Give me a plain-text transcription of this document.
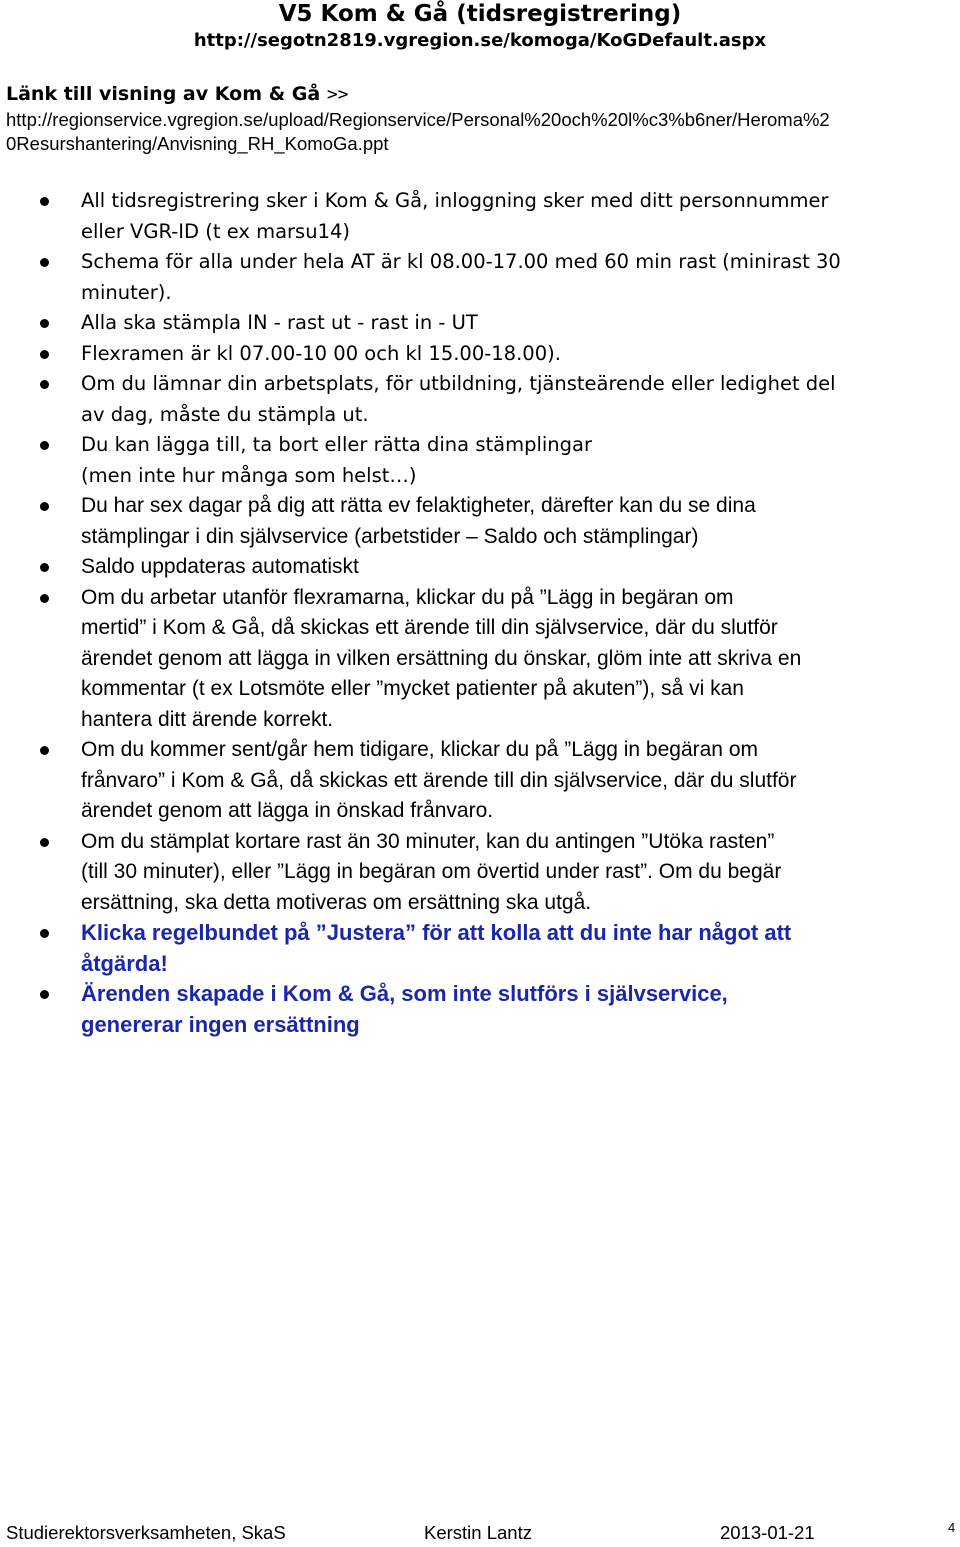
V5 Kom & Gå (tidsregistrering)
http://segotn2819.vgregion.se/komoga/KoGDefault.aspx
Länk till visning av Kom & Gå >>
http://regionservice.vgregion.se/upload/Regionservice/Personal%20och%20l%c3%b6ner/Heroma%2
0Resurshantering/Anvisning_RH_KomoGa.ppt
All tidsregistrering sker i Kom & Gå, inloggning sker med ditt personnummer
eller VGR-ID (t ex marsu14)
Schema för alla under hela AT är kl 08.00-17.00 med 60 min rast (minirast 30
minuter).
Alla ska stämpla IN - rast ut - rast in - UT
Flexramen är kl 07.00-10 00 och kl 15.00-18.00).
Om du lämnar din arbetsplats, för utbildning, tjänsteärende eller ledighet del
av dag, måste du stämpla ut.
Du kan lägga till, ta bort eller rätta dina stämplingar
(men inte hur många som helst…)
Du har sex dagar på dig att rätta ev felaktigheter, därefter kan du se dina
stämplingar i din självservice (arbetstider – Saldo och stämplingar)
Saldo uppdateras automatiskt
Om du arbetar utanför flexramarna, klickar du på ”Lägg in begäran om
mertid” i Kom & Gå, då skickas ett ärende till din självservice, där du slutför
ärendet genom att lägga in vilken ersättning du önskar, glöm inte att skriva en
kommentar (t ex Lotsmöte eller ”mycket patienter på akuten”), så vi kan
hantera ditt ärende korrekt.
Om du kommer sent/går hem tidigare, klickar du på ”Lägg in begäran om
frånvaro” i Kom & Gå, då skickas ett ärende till din självservice, där du slutför
ärendet genom att lägga in önskad frånvaro.
Om du stämplat kortare rast än 30 minuter, kan du antingen ”Utöka rasten”
(till 30 minuter), eller ”Lägg in begäran om övertid under rast”. Om du begär
ersättning, ska detta motiveras om ersättning ska utgå.
Klicka regelbundet på ”Justera” för att kolla att du inte har något att
åtgärda!
Ärenden skapade i Kom & Gå, som inte slutförs i självservice,
genererar ingen ersättning
Studierektorsverksamheten, SkaS	Kerstin Lantz	2013-01-21	4
